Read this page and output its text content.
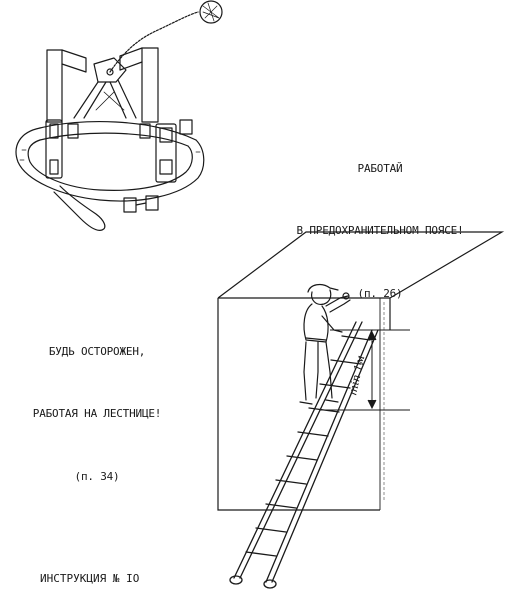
min 1м

РАБОТАЙ

В ПРЕДОХРАНИТЕЛЬНОМ ПОЯСЕ!

(п. 26)

БУДЬ ОСТОРОЖЕН,

РАБОТАЯ НА ЛЕСТНИЦЕ!

(п. 34)

ИНСТРУКЦИЯ № IO
